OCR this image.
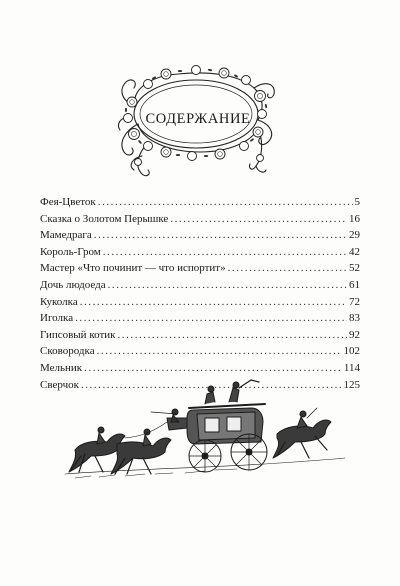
СОДЕРЖАНИЕ
Фея-Цветок . . .	5
Сказка о Золотом Перышке . . .	16
Мамедрага . . .	29
Король-Гром . . .	42
Мастер «Что починит — что испортит» . . .	52
Дочь людоеда . . .	61
Куколка . . .	72
Иголка . . .	83
Гипсовый котик . . .	92
Сковородка . . .	102
Мельник . . .	114
Сверчок . . .	125
